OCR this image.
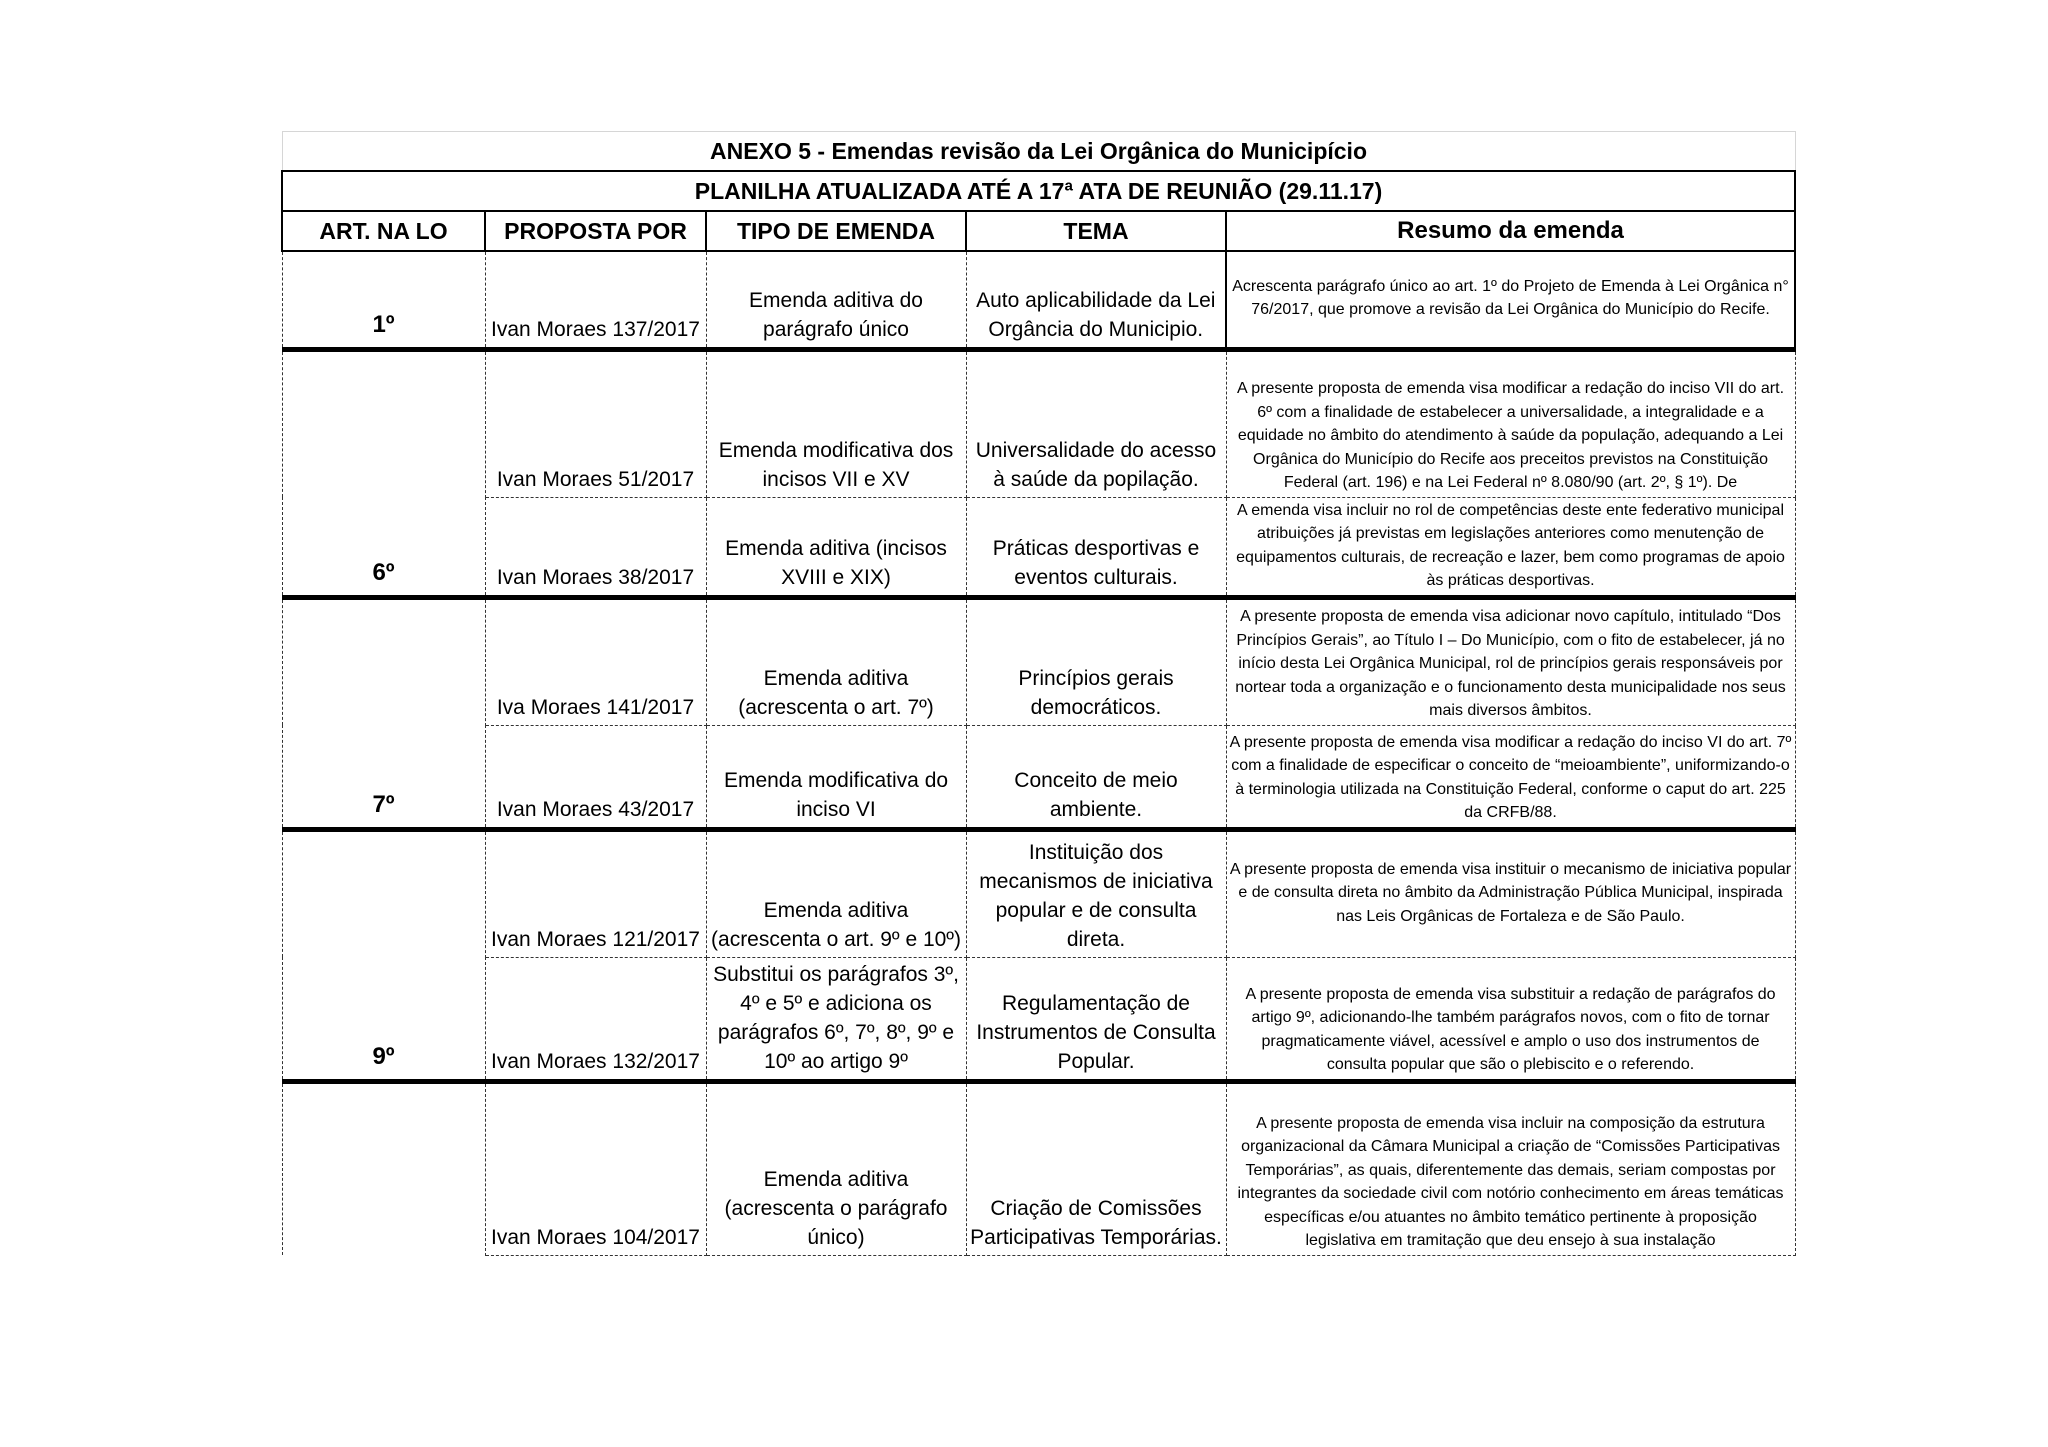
ANEXO 5 - Emendas revisão da Lei Orgânica do Municipício				
PLANILHA ATUALIZADA ATÉ A 17ª ATA DE REUNIÃO (29.11.17)				
ART. NA LO	PROPOSTA POR	TIPO DE EMENDA	TEMA	Resumo da emenda
1º	Ivan Moraes 137/2017	Emenda aditiva do parágrafo único	Auto aplicabilidade da Lei Orgância do Municipio.	Acrescenta parágrafo único ao art. 1º do Projeto de Emenda à Lei Orgânica n° 76/2017, que promove a revisão da Lei Orgânica do Município do Recife.
6º	Ivan Moraes 51/2017	Emenda modificativa dos incisos VII e XV	Universalidade do acesso à saúde da popilação.	A presente proposta de emenda visa modificar a redação do inciso VII do art. 6º com a finalidade de estabelecer a universalidade, a integralidade e a equidade no âmbito do atendimento à saúde da população, adequando a Lei Orgânica do Município do Recife aos preceitos previstos na Constituição Federal (art. 196) e na Lei Federal nº 8.080/90 (art. 2º, § 1º). De
	Ivan Moraes 38/2017	Emenda aditiva (incisos XVIII e XIX)	Práticas desportivas e eventos culturais.	A emenda visa incluir no rol de competências deste ente federativo municipal atribuições já previstas em legislações anteriores como menutenção de equipamentos culturais, de recreação e lazer, bem como programas de apoio às práticas desportivas.
7º	Iva Moraes 141/2017	Emenda aditiva (acrescenta o art. 7º)	Princípios gerais democráticos.	A presente proposta de emenda visa adicionar novo capítulo, intitulado “Dos Princípios Gerais”, ao Título I – Do Município, com o fito de estabelecer, já no início desta Lei Orgânica Municipal, rol de princípios gerais responsáveis por nortear toda a organização e o funcionamento desta municipalidade nos seus mais diversos âmbitos.
	Ivan Moraes 43/2017	Emenda modificativa do inciso VI	Conceito de meio ambiente.	A presente proposta de emenda visa modificar a redação do inciso VI do art. 7º com a finalidade de especificar o conceito de “meioambiente”, uniformizando-o à terminologia utilizada na Constituição Federal, conforme o caput do art. 225 da CRFB/88.
9º	Ivan Moraes 121/2017	Emenda aditiva (acrescenta o art. 9º e 10º)	Instituição dos mecanismos de iniciativa popular e de consulta direta.	A presente proposta de emenda visa instituir o mecanismo de iniciativa popular e de consulta direta no âmbito da Administração Pública Municipal, inspirada nas Leis Orgânicas de Fortaleza e de São Paulo.
	Ivan Moraes 132/2017	Substitui os parágrafos 3º, 4º e 5º e adiciona os parágrafos 6º, 7º, 8º, 9º e 10º ao artigo 9º	Regulamentação de Instrumentos de Consulta Popular.	A presente proposta de emenda visa substituir a redação de parágrafos do artigo 9º, adicionando-lhe também parágrafos novos, com o fito de tornar pragmaticamente viável, acessível e amplo o uso dos instrumentos de consulta popular que são o plebiscito e o referendo.
	Ivan Moraes 104/2017	Emenda aditiva (acrescenta o parágrafo único)	Criação de Comissões Participativas Temporárias.	A presente proposta de emenda visa incluir na composição da estrutura organizacional da Câmara Municipal a criação de “Comissões Participativas Temporárias”, as quais, diferentemente das demais, seriam compostas por integrantes da sociedade civil com notório conhecimento em áreas temáticas específicas e/ou atuantes no âmbito temático pertinente à proposição legislativa em tramitação que deu ensejo à sua instalação
